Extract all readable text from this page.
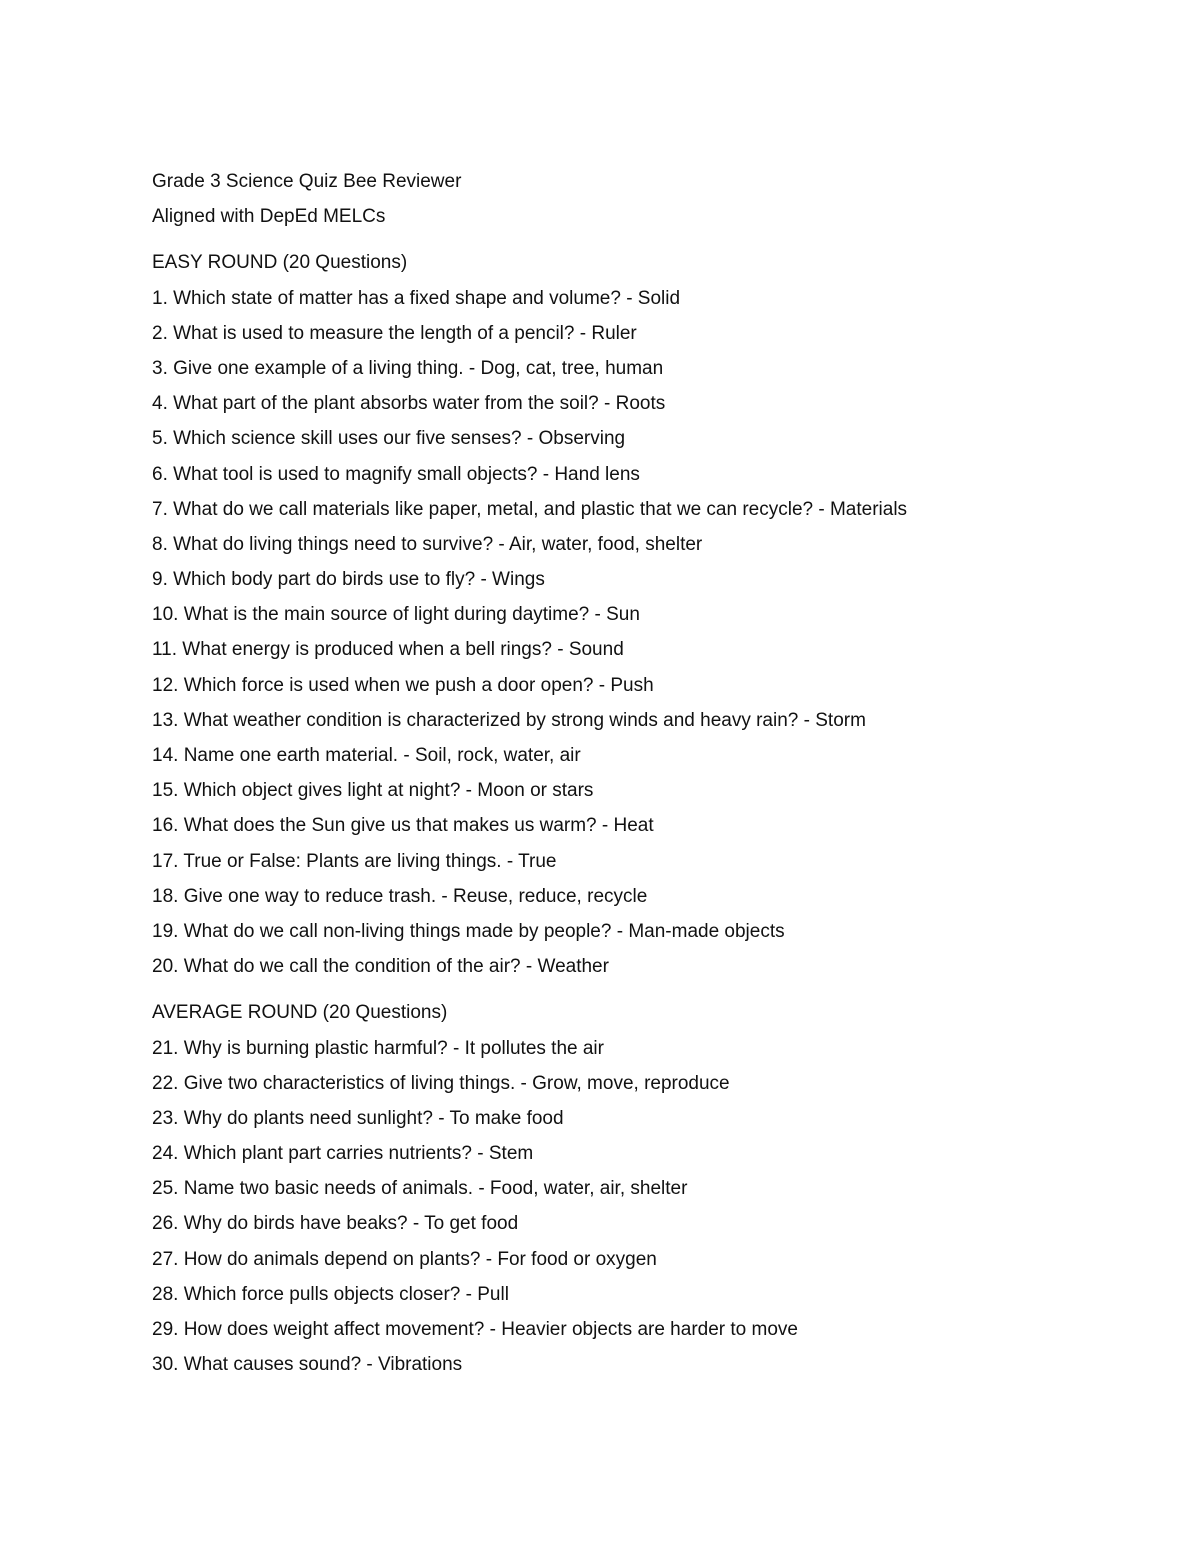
Grade 3 Science Quiz Bee Reviewer
Aligned with DepEd MELCs
EASY ROUND (20 Questions)
1. Which state of matter has a fixed shape and volume? - Solid
2. What is used to measure the length of a pencil? - Ruler
3. Give one example of a living thing. - Dog, cat, tree, human
4. What part of the plant absorbs water from the soil? - Roots
5. Which science skill uses our five senses? - Observing
6. What tool is used to magnify small objects? - Hand lens
7. What do we call materials like paper, metal, and plastic that we can recycle? - Materials
8. What do living things need to survive? - Air, water, food, shelter
9. Which body part do birds use to fly? - Wings
10. What is the main source of light during daytime? - Sun
11. What energy is produced when a bell rings? - Sound
12. Which force is used when we push a door open? - Push
13. What weather condition is characterized by strong winds and heavy rain? - Storm
14. Name one earth material. - Soil, rock, water, air
15. Which object gives light at night? - Moon or stars
16. What does the Sun give us that makes us warm? - Heat
17. True or False: Plants are living things. - True
18. Give one way to reduce trash. - Reuse, reduce, recycle
19. What do we call non-living things made by people? - Man-made objects
20. What do we call the condition of the air? - Weather
AVERAGE ROUND (20 Questions)
21. Why is burning plastic harmful? - It pollutes the air
22. Give two characteristics of living things. - Grow, move, reproduce
23. Why do plants need sunlight? - To make food
24. Which plant part carries nutrients? - Stem
25. Name two basic needs of animals. - Food, water, air, shelter
26. Why do birds have beaks? - To get food
27. How do animals depend on plants? - For food or oxygen
28. Which force pulls objects closer? - Pull
29. How does weight affect movement? - Heavier objects are harder to move
30. What causes sound? - Vibrations
